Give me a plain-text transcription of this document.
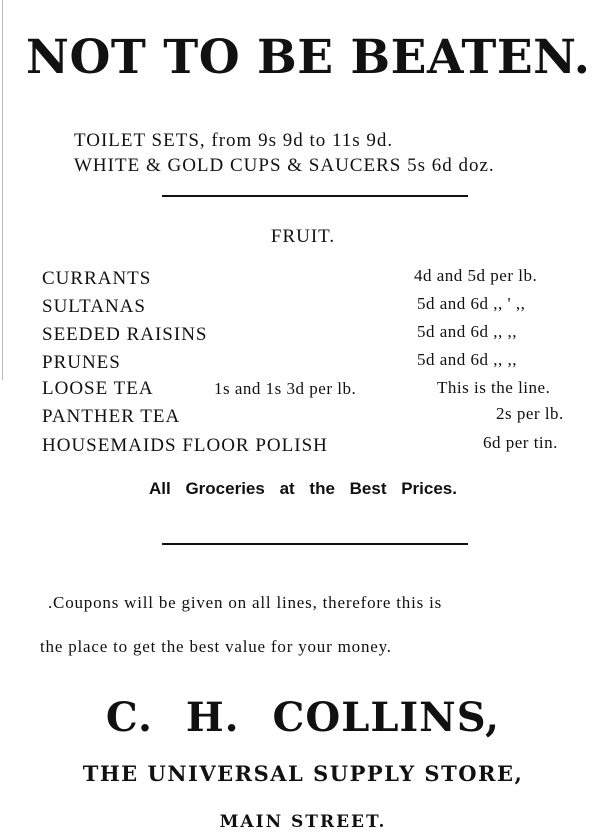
NOT TO BE BEATEN.
TOILET SETS, from 9s 9d to 11s 9d.
WHITE & GOLD CUPS & SAUCERS 5s 6d doz.
FRUIT.
CURRANTS	4d and 5d per lb.
SULTANAS	5d and 6d ,, ' ,,
SEEDED RAISINS	5d and 6d ,, ,,
PRUNES	5d and 6d ,, ,,
LOOSE TEA	1s and 1s 3d per lb.	This is the line.
PANTHER TEA	2s per lb.
HOUSEMAIDS FLOOR POLISH	6d per tin.
All Groceries at the Best Prices.
.Coupons will be given on all lines, therefore this is
the place to get the best value for your money.
C. H. COLLINS,
THE UNIVERSAL SUPPLY STORE,
MAIN STREET.
